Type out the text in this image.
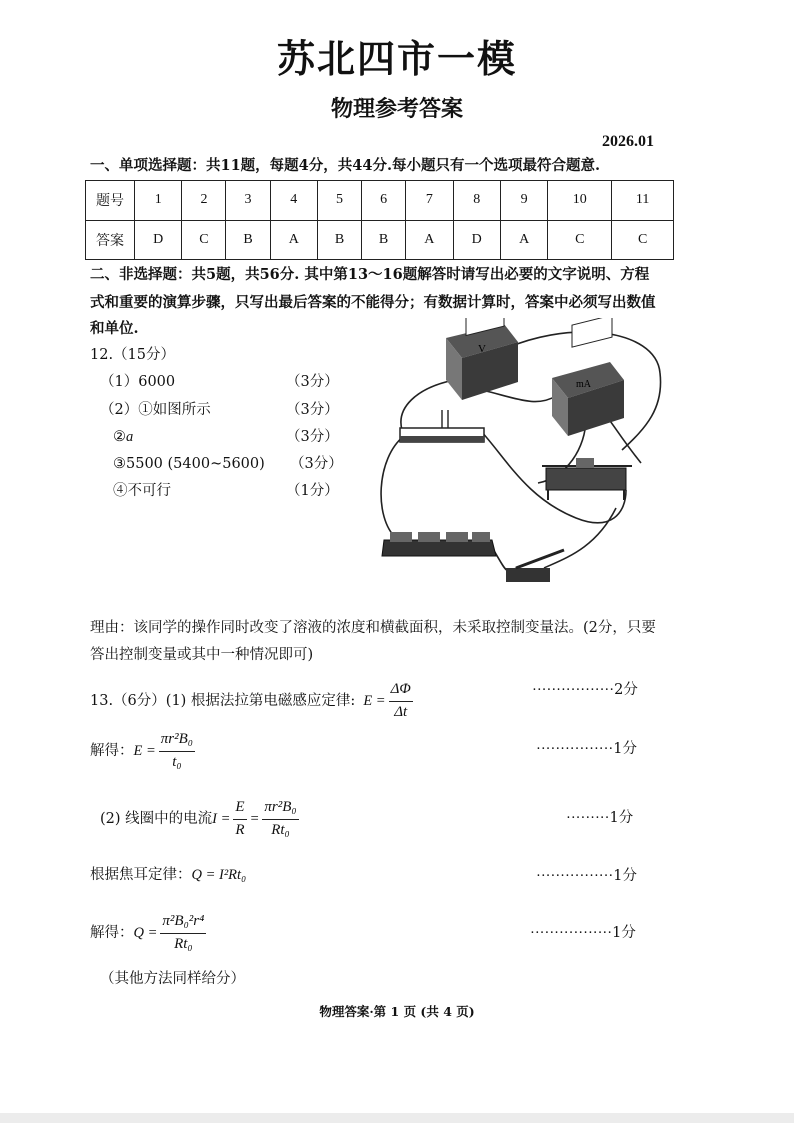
苏北四市一模
物理参考答案
2026.01
一、单项选择题：共11题，每题4分，共44分.每小题只有一个选项最符合题意.
题号	1	2	3	4	5	6	7	8	9	10	11
答案	D	C	B	A	B	B	A	D	A	C	C
二、非选择题：共5题，共56分. 其中第13～16题解答时请写出必要的文字说明、方程
式和重要的演算步骤，只写出最后答案的不能得分；有数据计算时，答案中必须写出数值
和单位.
12.（15分）
（1）6000	（3分）
（2）①如图所示	（3分）
②a	（3分）
③5500 (5400~5600) （3分）
④不可行	（1分）
V
mA
理由：该同学的操作同时改变了溶液的浓度和横截面积，未采取控制变量法。(2分，只要
答出控制变量或其中一种情况即可)
13.（6分）(1) 根据法拉第电磁感应定律: $E = \frac{\Delta\Phi}{\Delta t}$	·················2分
解得： $E = \frac{\text{πr²B₀}}{\text{t₀}}$	················1分
(2) 线圈中的电流 $I = \frac{E}{R} = \frac{\text{πr²B₀}}{\text{Rt₀}}$	·········1分
根据焦耳定律：Q = I²Rt₀	················1分
解得： $Q = \frac{\text{π²B₀²r⁴}}{\text{Rt₀}}$	·················1分
（其他方法同样给分）
物理答案·第 1 页 (共 4 页)
